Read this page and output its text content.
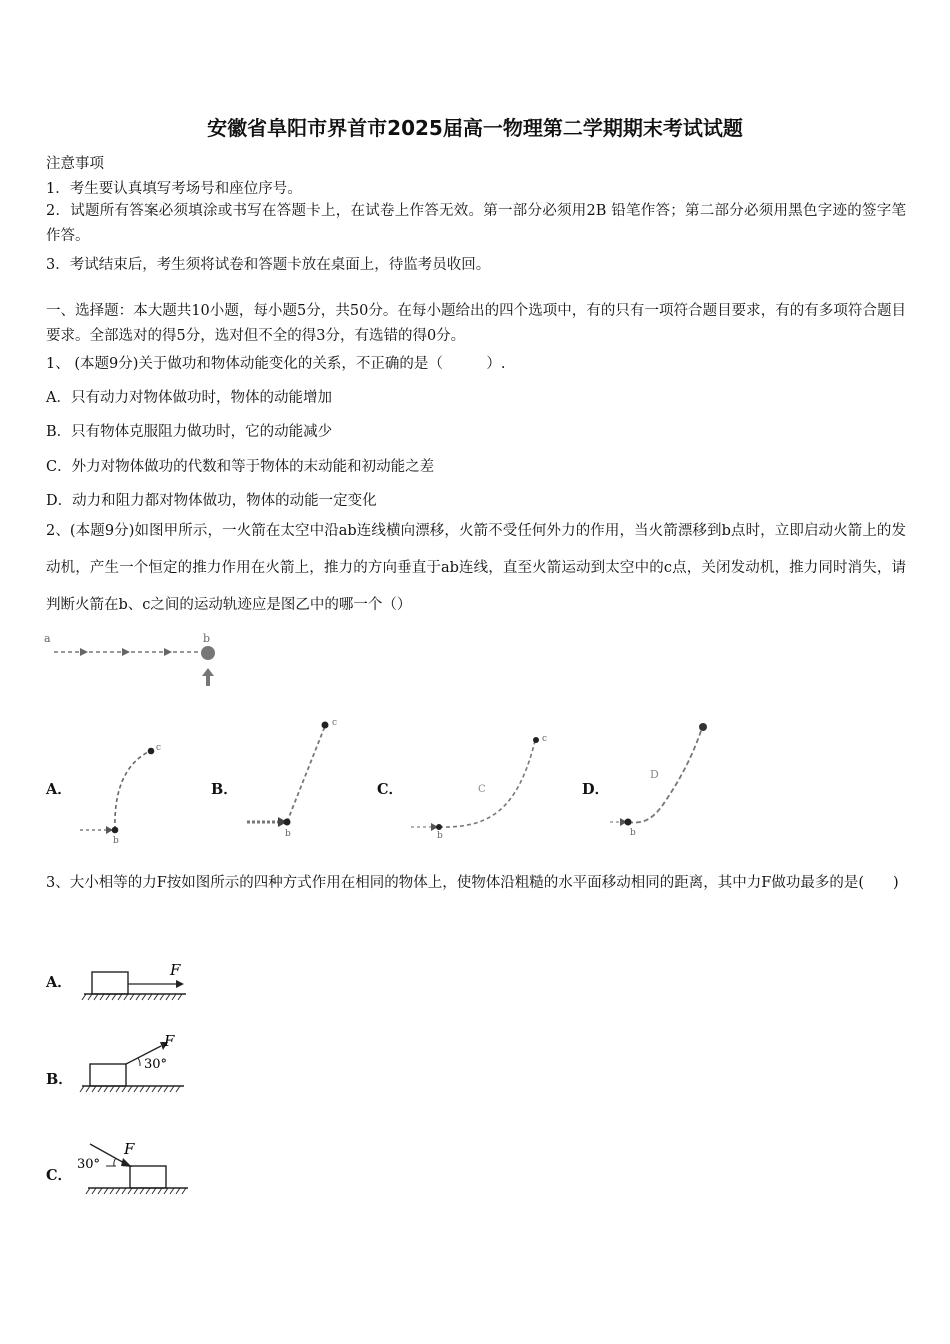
安徽省阜阳市界首市2025届高一物理第二学期期末考试试题
注意事项
1．考生要认真填写考场号和座位序号。
2．试题所有答案必须填涂或书写在答题卡上，在试卷上作答无效。第一部分必须用2B 铅笔作答；第二部分必须用黑色字迹的签字笔作答。
3．考试结束后，考生须将试卷和答题卡放在桌面上，待监考员收回。
一、选择题：本大题共10小题，每小题5分，共50分。在每小题给出的四个选项中，有的只有一项符合题目要求，有的有多项符合题目要求。全部选对的得5分，选对但不全的得3分，有选错的得0分。
1、 (本题9分)关于做功和物体动能变化的关系，不正确的是（　　　）.
A．只有动力对物体做功时，物体的动能增加
B．只有物体克服阻力做功时，它的动能减少
C．外力对物体做功的代数和等于物体的末动能和初动能之差
D．动力和阻力都对物体做功，物体的动能一定变化
2、(本题9分)如图甲所示，一火箭在太空中沿ab连线横向漂移，火箭不受任何外力的作用，当火箭漂移到b点时，立即启动火箭上的发动机，产生一个恒定的推力作用在火箭上，推力的方向垂直于ab连线，直至火箭运动到太空中的c点，关闭发动机，推力同时消失，请判断火箭在b、c之间的运动轨迹应是图乙中的哪一个（）
a	b
A．
b
c
B．
b
c
C．	C
b
c
D．
D
b
3、大小相等的力F按如图所示的四种方式作用在相同的物体上，使物体沿粗糙的水平面移动相同的距离，其中力F做功最多的是(　　)
A．
F
B．
F
30°
C．
F
30°
